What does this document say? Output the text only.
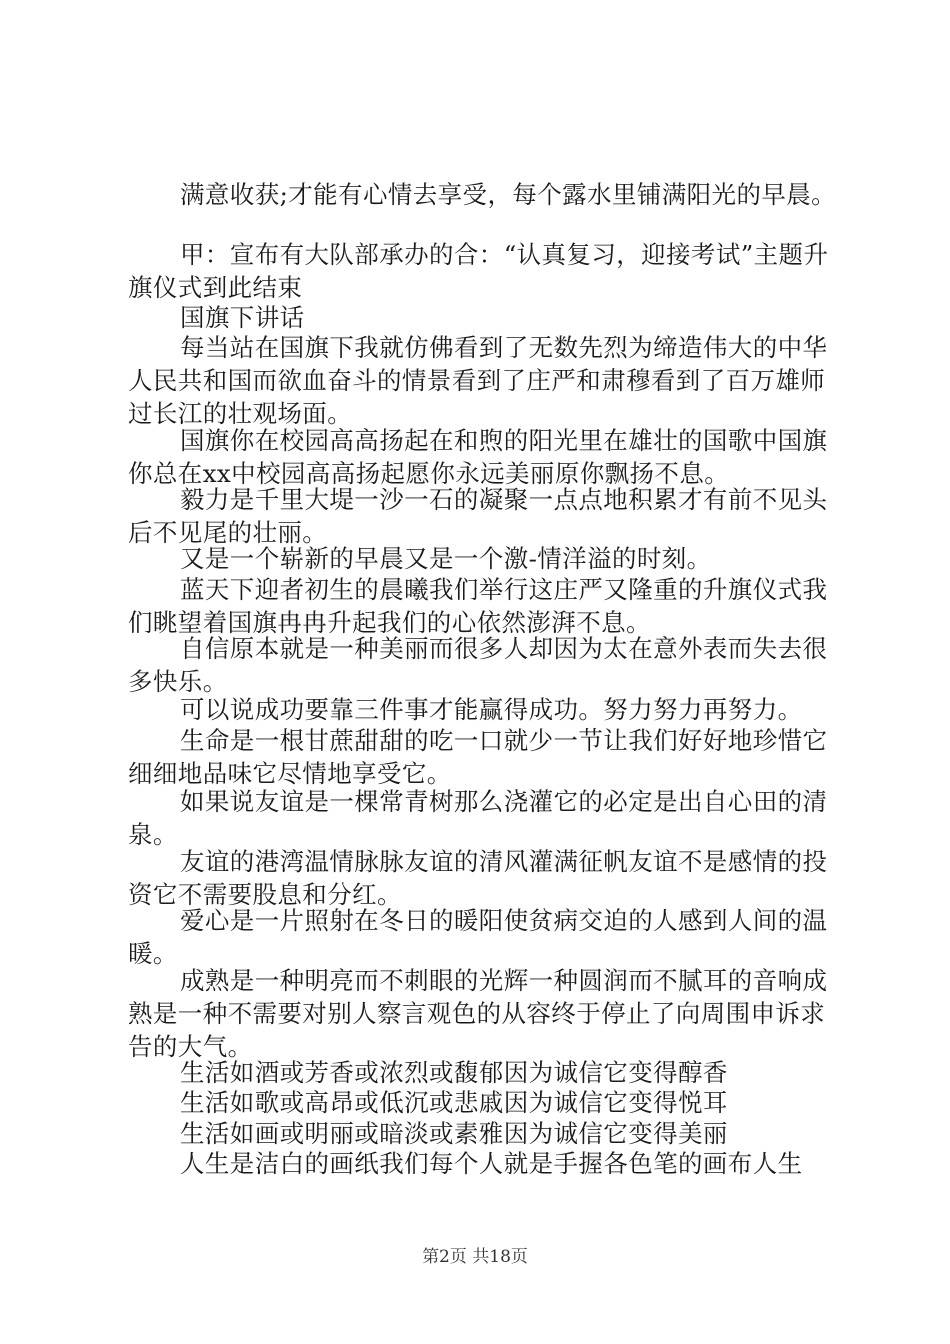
满意收获;才能有心情去享受，每个露水里铺满阳光的早晨。

甲：宣布有大队部承办的合：“认真复习，迎接考试”主题升旗仪式到此结束

国旗下讲话

每当站在国旗下我就仿佛看到了无数先烈为缔造伟大的中华人民共和国而欲血奋斗的情景看到了庄严和肃穆看到了百万雄师过长江的壮观场面。

国旗你在校园高高扬起在和煦的阳光里在雄壮的国歌中国旗你总在xx中校园高高扬起愿你永远美丽原你飘扬不息。

毅力是千里大堤一沙一石的凝聚一点点地积累才有前不见头后不见尾的壮丽。

又是一个崭新的早晨又是一个激-情洋溢的时刻。

蓝天下迎者初生的晨曦我们举行这庄严又隆重的升旗仪式我们眺望着国旗冉冉升起我们的心依然澎湃不息。

自信原本就是一种美丽而很多人却因为太在意外表而失去很多快乐。

可以说成功要靠三件事才能赢得成功。努力努力再努力。

生命是一根甘蔗甜甜的吃一口就少一节让我们好好地珍惜它细细地品味它尽情地享受它。

如果说友谊是一棵常青树那么浇灌它的必定是出自心田的清泉。

友谊的港湾温情脉脉友谊的清风灌满征帆友谊不是感情的投资它不需要股息和分红。

爱心是一片照射在冬日的暖阳使贫病交迫的人感到人间的温暖。

成熟是一种明亮而不刺眼的光辉一种圆润而不腻耳的音响成熟是一种不需要对别人察言观色的从容终于停止了向周围申诉求告的大气。

生活如酒或芳香或浓烈或馥郁因为诚信它变得醇香

生活如歌或高昂或低沉或悲戚因为诚信它变得悦耳

生活如画或明丽或暗淡或素雅因为诚信它变得美丽

人生是洁白的画纸我们每个人就是手握各色笔的画布人生

第2页 共18页
